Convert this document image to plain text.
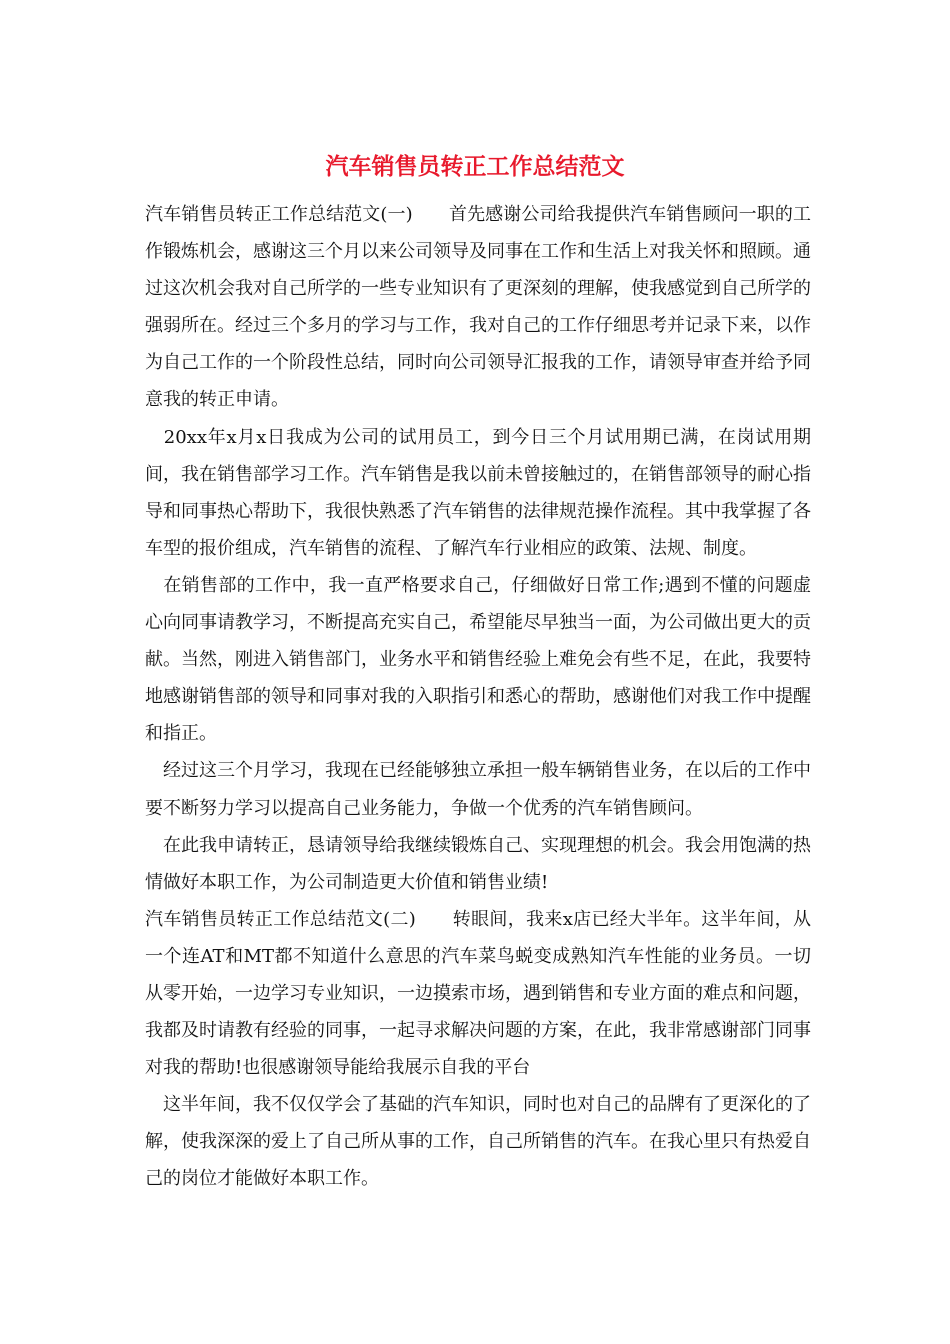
汽车销售员转正工作总结范文

汽车销售员转正工作总结范文(一)　　首先感谢公司给我提供汽车销售顾问一职的工作锻炼机会，感谢这三个月以来公司领导及同事在工作和生活上对我关怀和照顾。通过这次机会我对自己所学的一些专业知识有了更深刻的理解，使我感觉到自己所学的强弱所在。经过三个多月的学习与工作，我对自己的工作仔细思考并记录下来，以作为自己工作的一个阶段性总结，同时向公司领导汇报我的工作，请领导审查并给予同意我的转正申请。

　20xx年x月x日我成为公司的试用员工，到今日三个月试用期已满，在岗试用期间，我在销售部学习工作。汽车销售是我以前未曾接触过的，在销售部领导的耐心指导和同事热心帮助下，我很快熟悉了汽车销售的法律规范操作流程。其中我掌握了各车型的报价组成，汽车销售的流程、了解汽车行业相应的政策、法规、制度。

　在销售部的工作中，我一直严格要求自己，仔细做好日常工作;遇到不懂的问题虚心向同事请教学习，不断提高充实自己，希望能尽早独当一面，为公司做出更大的贡献。当然，刚进入销售部门，业务水平和销售经验上难免会有些不足，在此，我要特地感谢销售部的领导和同事对我的入职指引和悉心的帮助，感谢他们对我工作中提醒和指正。

　经过这三个月学习，我现在已经能够独立承担一般车辆销售业务，在以后的工作中要不断努力学习以提高自己业务能力，争做一个优秀的汽车销售顾问。

　在此我申请转正，恳请领导给我继续锻炼自己、实现理想的机会。我会用饱满的热情做好本职工作，为公司制造更大价值和销售业绩!

汽车销售员转正工作总结范文(二)　　转眼间，我来x店已经大半年。这半年间，从一个连AT和MT都不知道什么意思的汽车菜鸟蜕变成熟知汽车性能的业务员。一切从零开始，一边学习专业知识，一边摸索市场，遇到销售和专业方面的难点和问题，我都及时请教有经验的同事，一起寻求解决问题的方案，在此，我非常感谢部门同事对我的帮助!也很感谢领导能给我展示自我的平台

　这半年间，我不仅仅学会了基础的汽车知识，同时也对自己的品牌有了更深化的了解，使我深深的爱上了自己所从事的工作，自己所销售的汽车。在我心里只有热爱自己的岗位才能做好本职工作。
